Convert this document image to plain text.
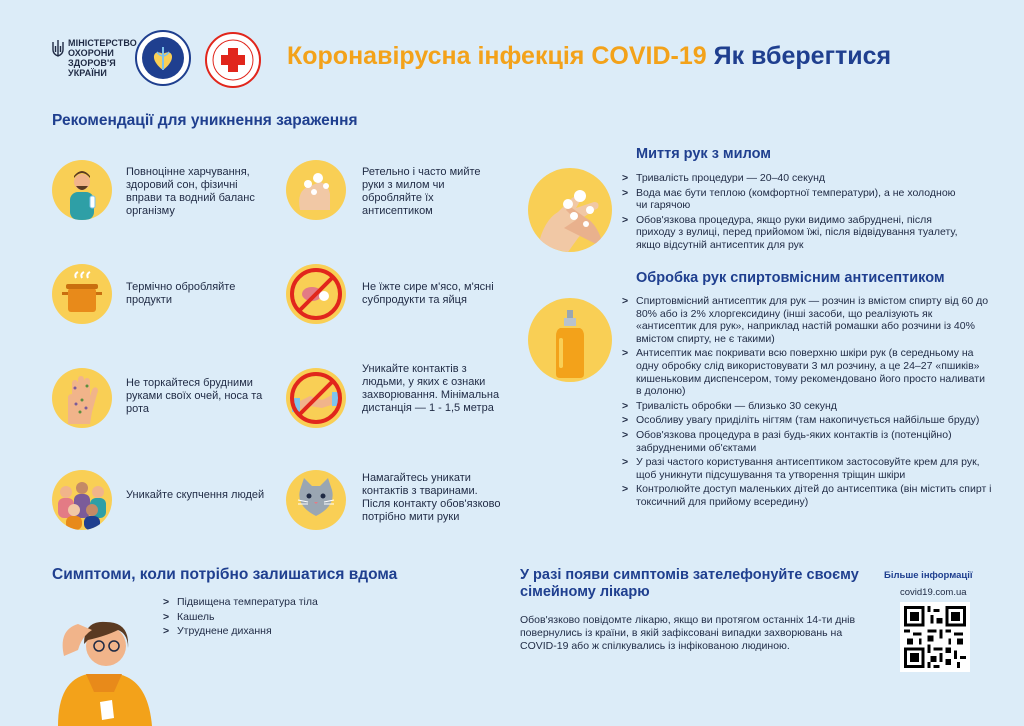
МІНІСТЕРСТВО
ОХОРОНИ
ЗДОРОВ'Я
УКРАЇНИ
Коронавірусна інфекція COVID-19 Як вберегтися
Рекомендації для уникнення зараження
Повноцінне харчування, здоровий сон, фізичні вправи та водний баланс організму
Ретельно і часто мийте руки з милом чи обробляйте їх антисептиком
Термічно обробляйте продукти
Не їжте сире м'ясо, м'ясні субпродукти та яйця
Не торкайтеся брудними руками своїх очей, носа та рота
Уникайте контактів з людьми, у яких є ознаки захворювання. Мінімальна дистанція — 1 - 1,5 метра
Уникайте скупчення людей
Намагайтесь уникати контактів з тваринами. Після контакту обов'язково потрібно мити руки
Миття рук з милом
> Тривалість процедури — 20–40 секунд
> Вода має бути теплою (комфортної температури), а не холодною чи гарячою
> Обов'язкова процедура, якщо руки видимо забруднені, після приходу з вулиці, перед прийомом їжі, після відвідування туалету, якщо відсутній антисептик для рук
Обробка рук спиртовмісним антисептиком
> Спиртовмісний антисептик для рук — розчин із вмістом спирту від 60 до 80% або із 2% хлоргексидину (інші засоби, що реалізують як «антисептик для рук», наприклад настій ромашки або розчини із 40% вмістом спирту, не є такими)
> Антисептик має покривати всю поверхню шкіри рук (в середньому на одну обробку слід використовувати 3 мл розчину, а це 24–27 «пшиків» кишеньковим диспенсером, тому рекомендовано його просто наливати в долоню)
> Тривалість обробки — близько 30 секунд
> Особливу увагу приділіть нігтям (там накопичується найбільше бруду)
> Обов'язкова процедура в разі будь-яких контактів із (потенційно) забрудненими об'єктами
> У разі частого користування антисептиком застосовуйте крем для рук, щоб уникнути підсушування та утворення тріщин шкіри
> Контролюйте доступ маленьких дітей до антисептика (він містить спирт і токсичний для прийому всередину)
Симптоми, коли потрібно залишатися вдома
> Підвищена температура тіла
> Кашель
> Утруднене дихання
У разі появи симптомів зателефонуйте своєму сімейному лікарю
Обов'язково повідомте лікарю, якщо ви протягом останніх 14-ти днів повернулись із країни, в якій зафіксовані випадки захворювань на COVID-19 або ж спілкувались із інфікованою людиною.
Більше інформації
covid19.com.ua
